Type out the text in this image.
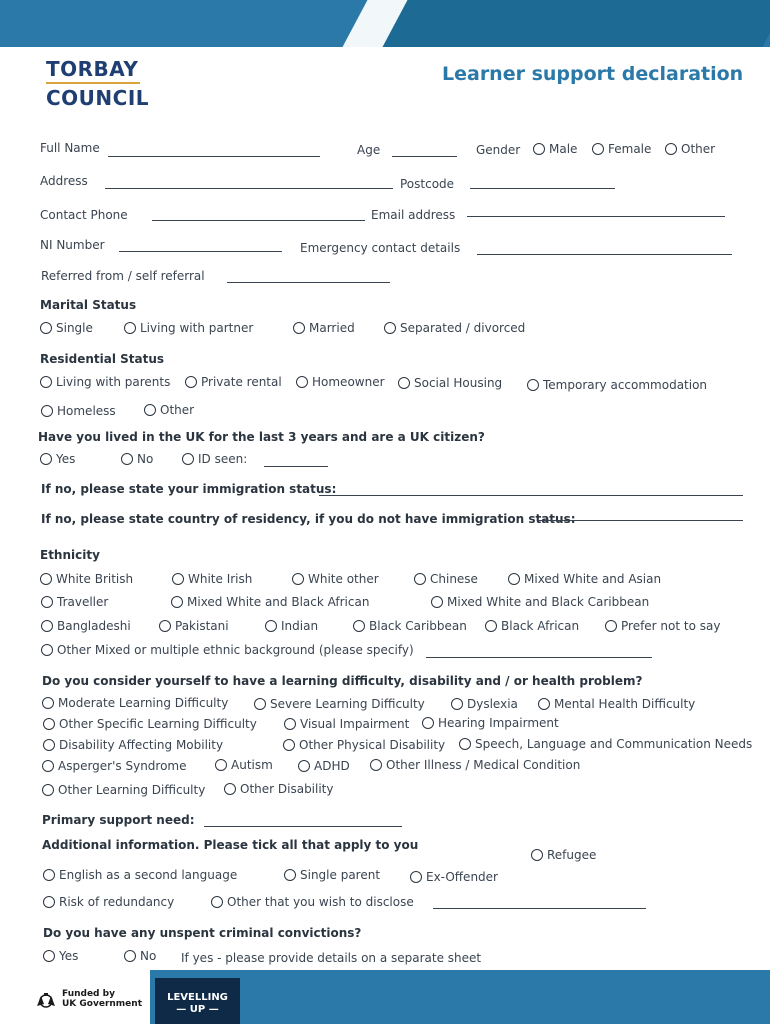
TORBAY
COUNCIL
Learner support declaration
Full Name	Age	Gender Male	Female Other
Address	Postcode
Contact Phone	Email address
NI Number	Emergency contact details
Referred from / self referral
Marital Status
Single	Living with partner	Married	Separated / divorced
Residential Status
Living with parents	Private rental	Homeowner Social Housing	Temporary accommodation
Homeless	Other
Have you lived in the UK for the last 3 years and are a UK citizen?
Yes	No	ID seen:
If no, please state your immigration status:
If no, please state country of residency, if you do not have immigration status:
Ethnicity
White British	White Irish	White other	Chinese	Mixed White and Asian
Traveller	Mixed White and Black African	Mixed White and Black Caribbean
Bangladeshi	Pakistani	Indian	Black Caribbean	Black African	Prefer not to say
Other Mixed or multiple ethnic background (please specify)
Do you consider yourself to have a learning difficulty, disability and / or health problem?
Moderate Learning Difficulty	Severe Learning Difficulty	Dyslexia	Mental Health Difficulty
Other Specific Learning Difficulty	Visual Impairment Hearing Impairment
Disability Affecting Mobility	Other Physical Disability Speech, Language and Communication Needs
Asperger's Syndrome	Autism	ADHD	Other Illness / Medical Condition
Other Learning Difficulty	Other Disability
Primary support need:
Additional information. Please tick all that apply to you
Refugee
English as a second language	Single parent	Ex-Offender
Risk of redundancy	Other that you wish to disclose
Do you have any unspent criminal convictions?
Yes	No If yes - please provide details on a separate sheet
Funded by
UK Government
LEVELLING
— UP —
